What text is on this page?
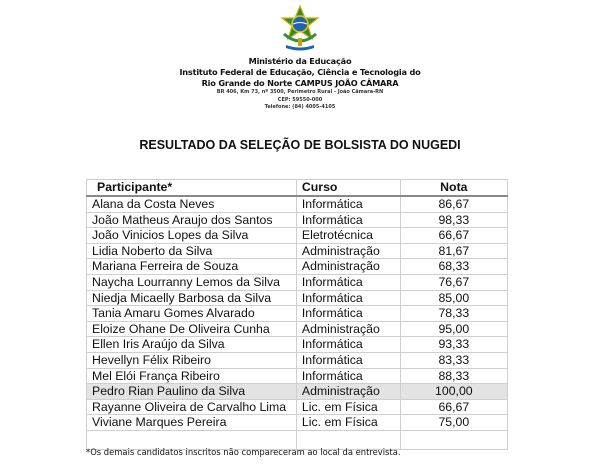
Ministério da Educação
Instituto Federal de Educação, Ciência e Tecnologia do
Rio Grande do Norte CAMPUS JOÃO CÂMARA
BR 406, Km 73, nº 3500, Perimetro Rural - João Câmara-RN
CEP: 59550-000
Telefone: (84) 4005-4105
RESULTADO DA SELEÇÃO DE BOLSISTA DO NUGEDI
Participante*	Curso	Nota
Alana da Costa Neves	Informática	86,67
João Matheus Araujo dos Santos	Informática	98,33
João Vinicios Lopes da Silva	Eletrotécnica	66,67
Lidia Noberto da Silva	Administração	81,67
Mariana Ferreira de Souza	Administração	68,33
Naycha Lourranny Lemos da Silva	Informática	76,67
Niedja Micaelly Barbosa da Silva	Informática	85,00
Tania Amaru Gomes Alvarado	Informática	78,33
Eloize Ohane De Oliveira Cunha	Administração	95,00
Ellen Iris Araújo da Silva	Informática	93,33
Hevellyn Félix Ribeiro	Informática	83,33
Mel Elói França Ribeiro	Informática	88,33
Pedro Rian Paulino da Silva	Administração	100,00
Rayanne Oliveira de Carvalho Lima	Lic. em Física	66,67
Viviane Marques Pereira	Lic. em Física	75,00

*Os demais candidatos inscritos não compareceram ao local da entrevista.
